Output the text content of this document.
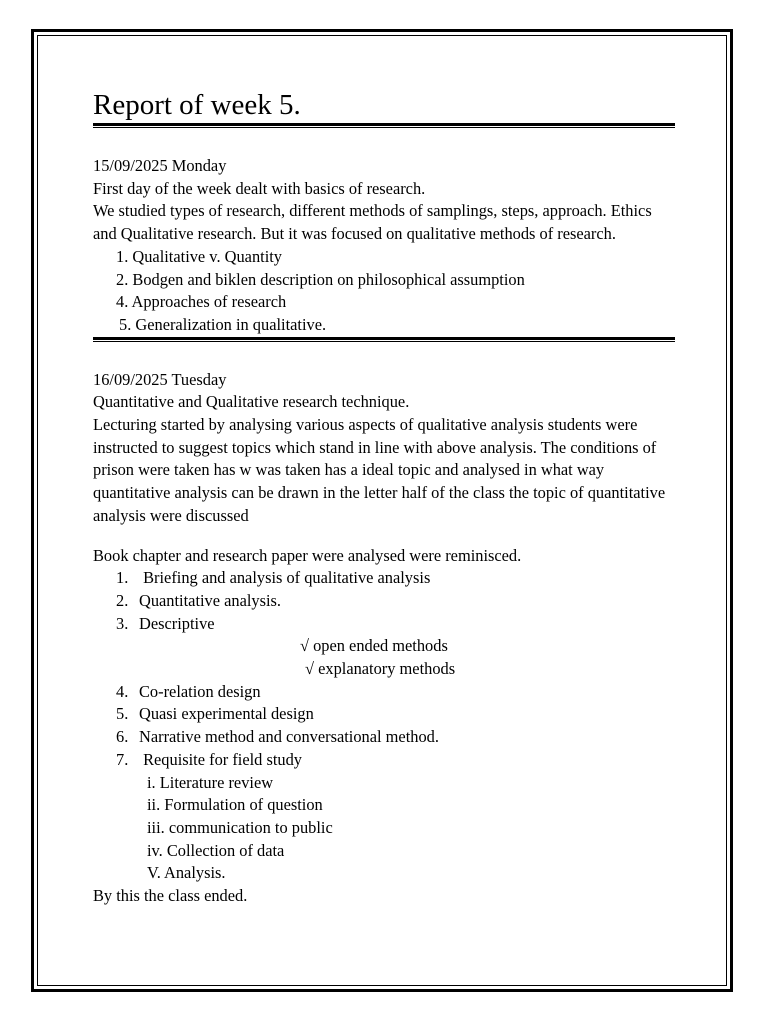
Report of week 5.

15/09/2025 Monday

First day of the week dealt with basics of research.

We studied types of research, different methods of samplings, steps, approach. Ethics and Qualitative research. But it was focused on qualitative methods of research.

1. Qualitative v. Quantity

2. Bodgen and biklen description on philosophical assumption

4. Approaches of research

5. Generalization in qualitative.

16/09/2025 Tuesday

Quantitative and Qualitative research technique.

Lecturing started by analysing various aspects of qualitative analysis students were instructed to suggest topics which stand in line with above analysis. The conditions of prison were taken has w was taken has a ideal topic and analysed in what way quantitative analysis can be drawn in the letter half of the class the topic of quantitative analysis were discussed

Book chapter and research paper were analysed were reminisced.

1. Briefing and analysis of qualitative analysis

2. Quantitative analysis.

3. Descriptive

√ open ended methods

√ explanatory methods

4. Co-relation design

5. Quasi experimental design

6. Narrative method and conversational method.

7. Requisite for field study

i. Literature review

ii. Formulation of question

iii. communication to public

iv. Collection of data

V. Analysis.

By this the class ended.
